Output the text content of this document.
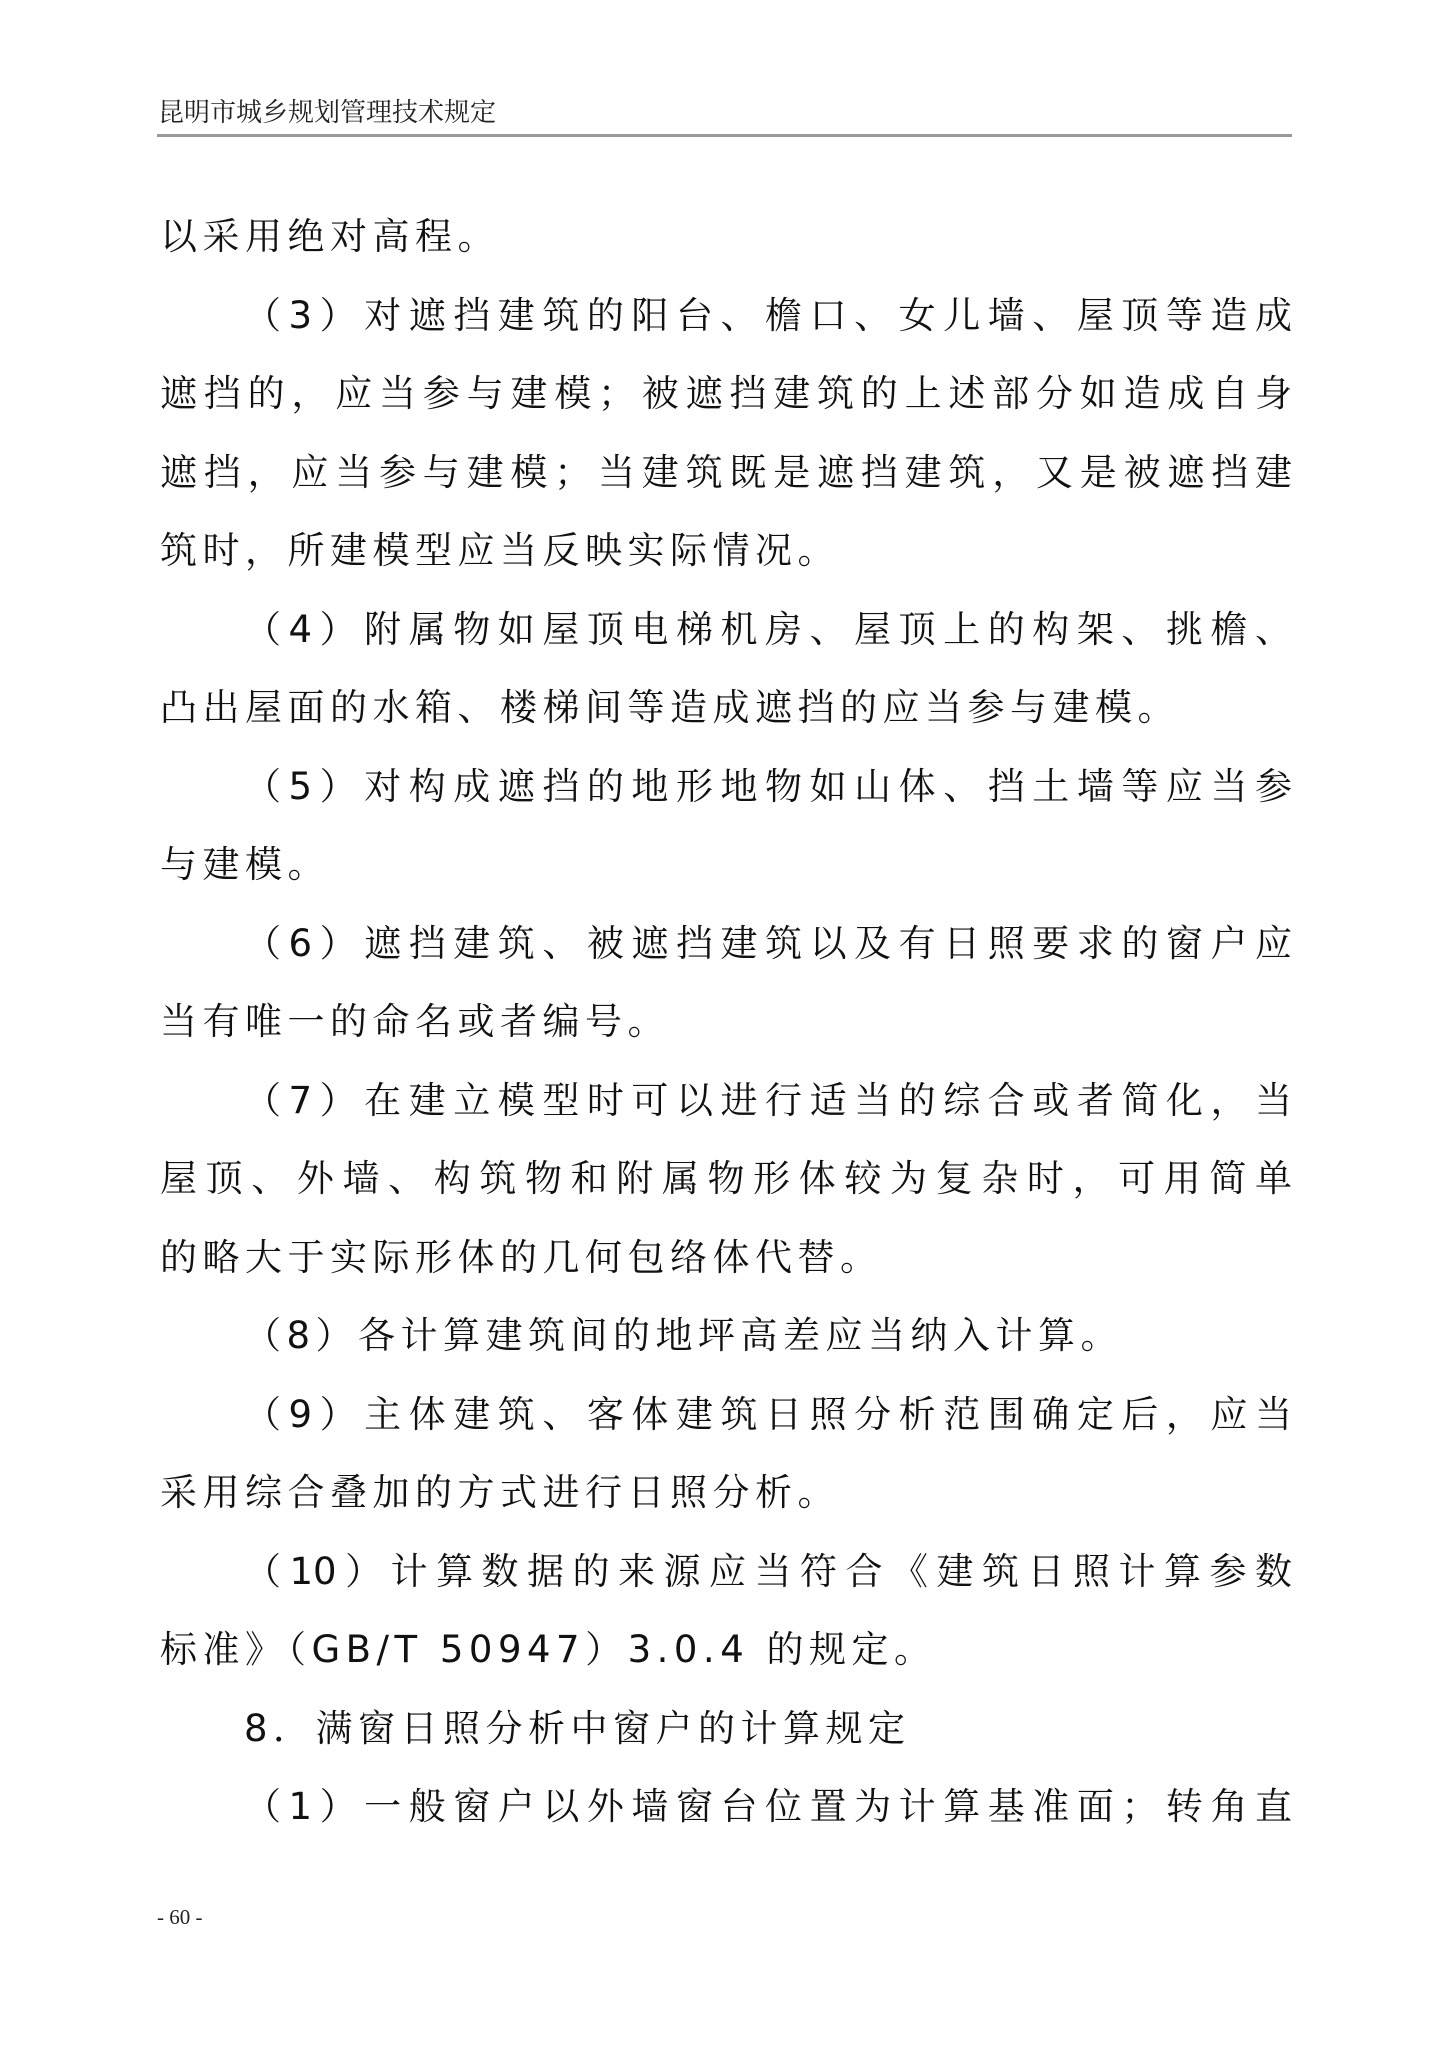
昆明市城乡规划管理技术规定
以采用绝对高程。
（3）对遮挡建筑的阳台、檐口、女儿墙、屋顶等造成
遮挡的，应当参与建模；被遮挡建筑的上述部分如造成自身
遮挡，应当参与建模；当建筑既是遮挡建筑，又是被遮挡建
筑时，所建模型应当反映实际情况。
（4）附属物如屋顶电梯机房、屋顶上的构架、挑檐、
凸出屋面的水箱、楼梯间等造成遮挡的应当参与建模。
（5）对构成遮挡的地形地物如山体、挡土墙等应当参
与建模。
（6）遮挡建筑、被遮挡建筑以及有日照要求的窗户应
当有唯一的命名或者编号。
（7）在建立模型时可以进行适当的综合或者简化，当
屋顶、外墙、构筑物和附属物形体较为复杂时，可用简单
的略大于实际形体的几何包络体代替。
（8）各计算建筑间的地坪高差应当纳入计算。
（9）主体建筑、客体建筑日照分析范围确定后，应当
采用综合叠加的方式进行日照分析。
（10）计算数据的来源应当符合《建筑日照计算参数
标准》（GB/T 50947）3.0.4 的规定。
8．满窗日照分析中窗户的计算规定
（1）一般窗户以外墙窗台位置为计算基准面；转角直
- 60 -
